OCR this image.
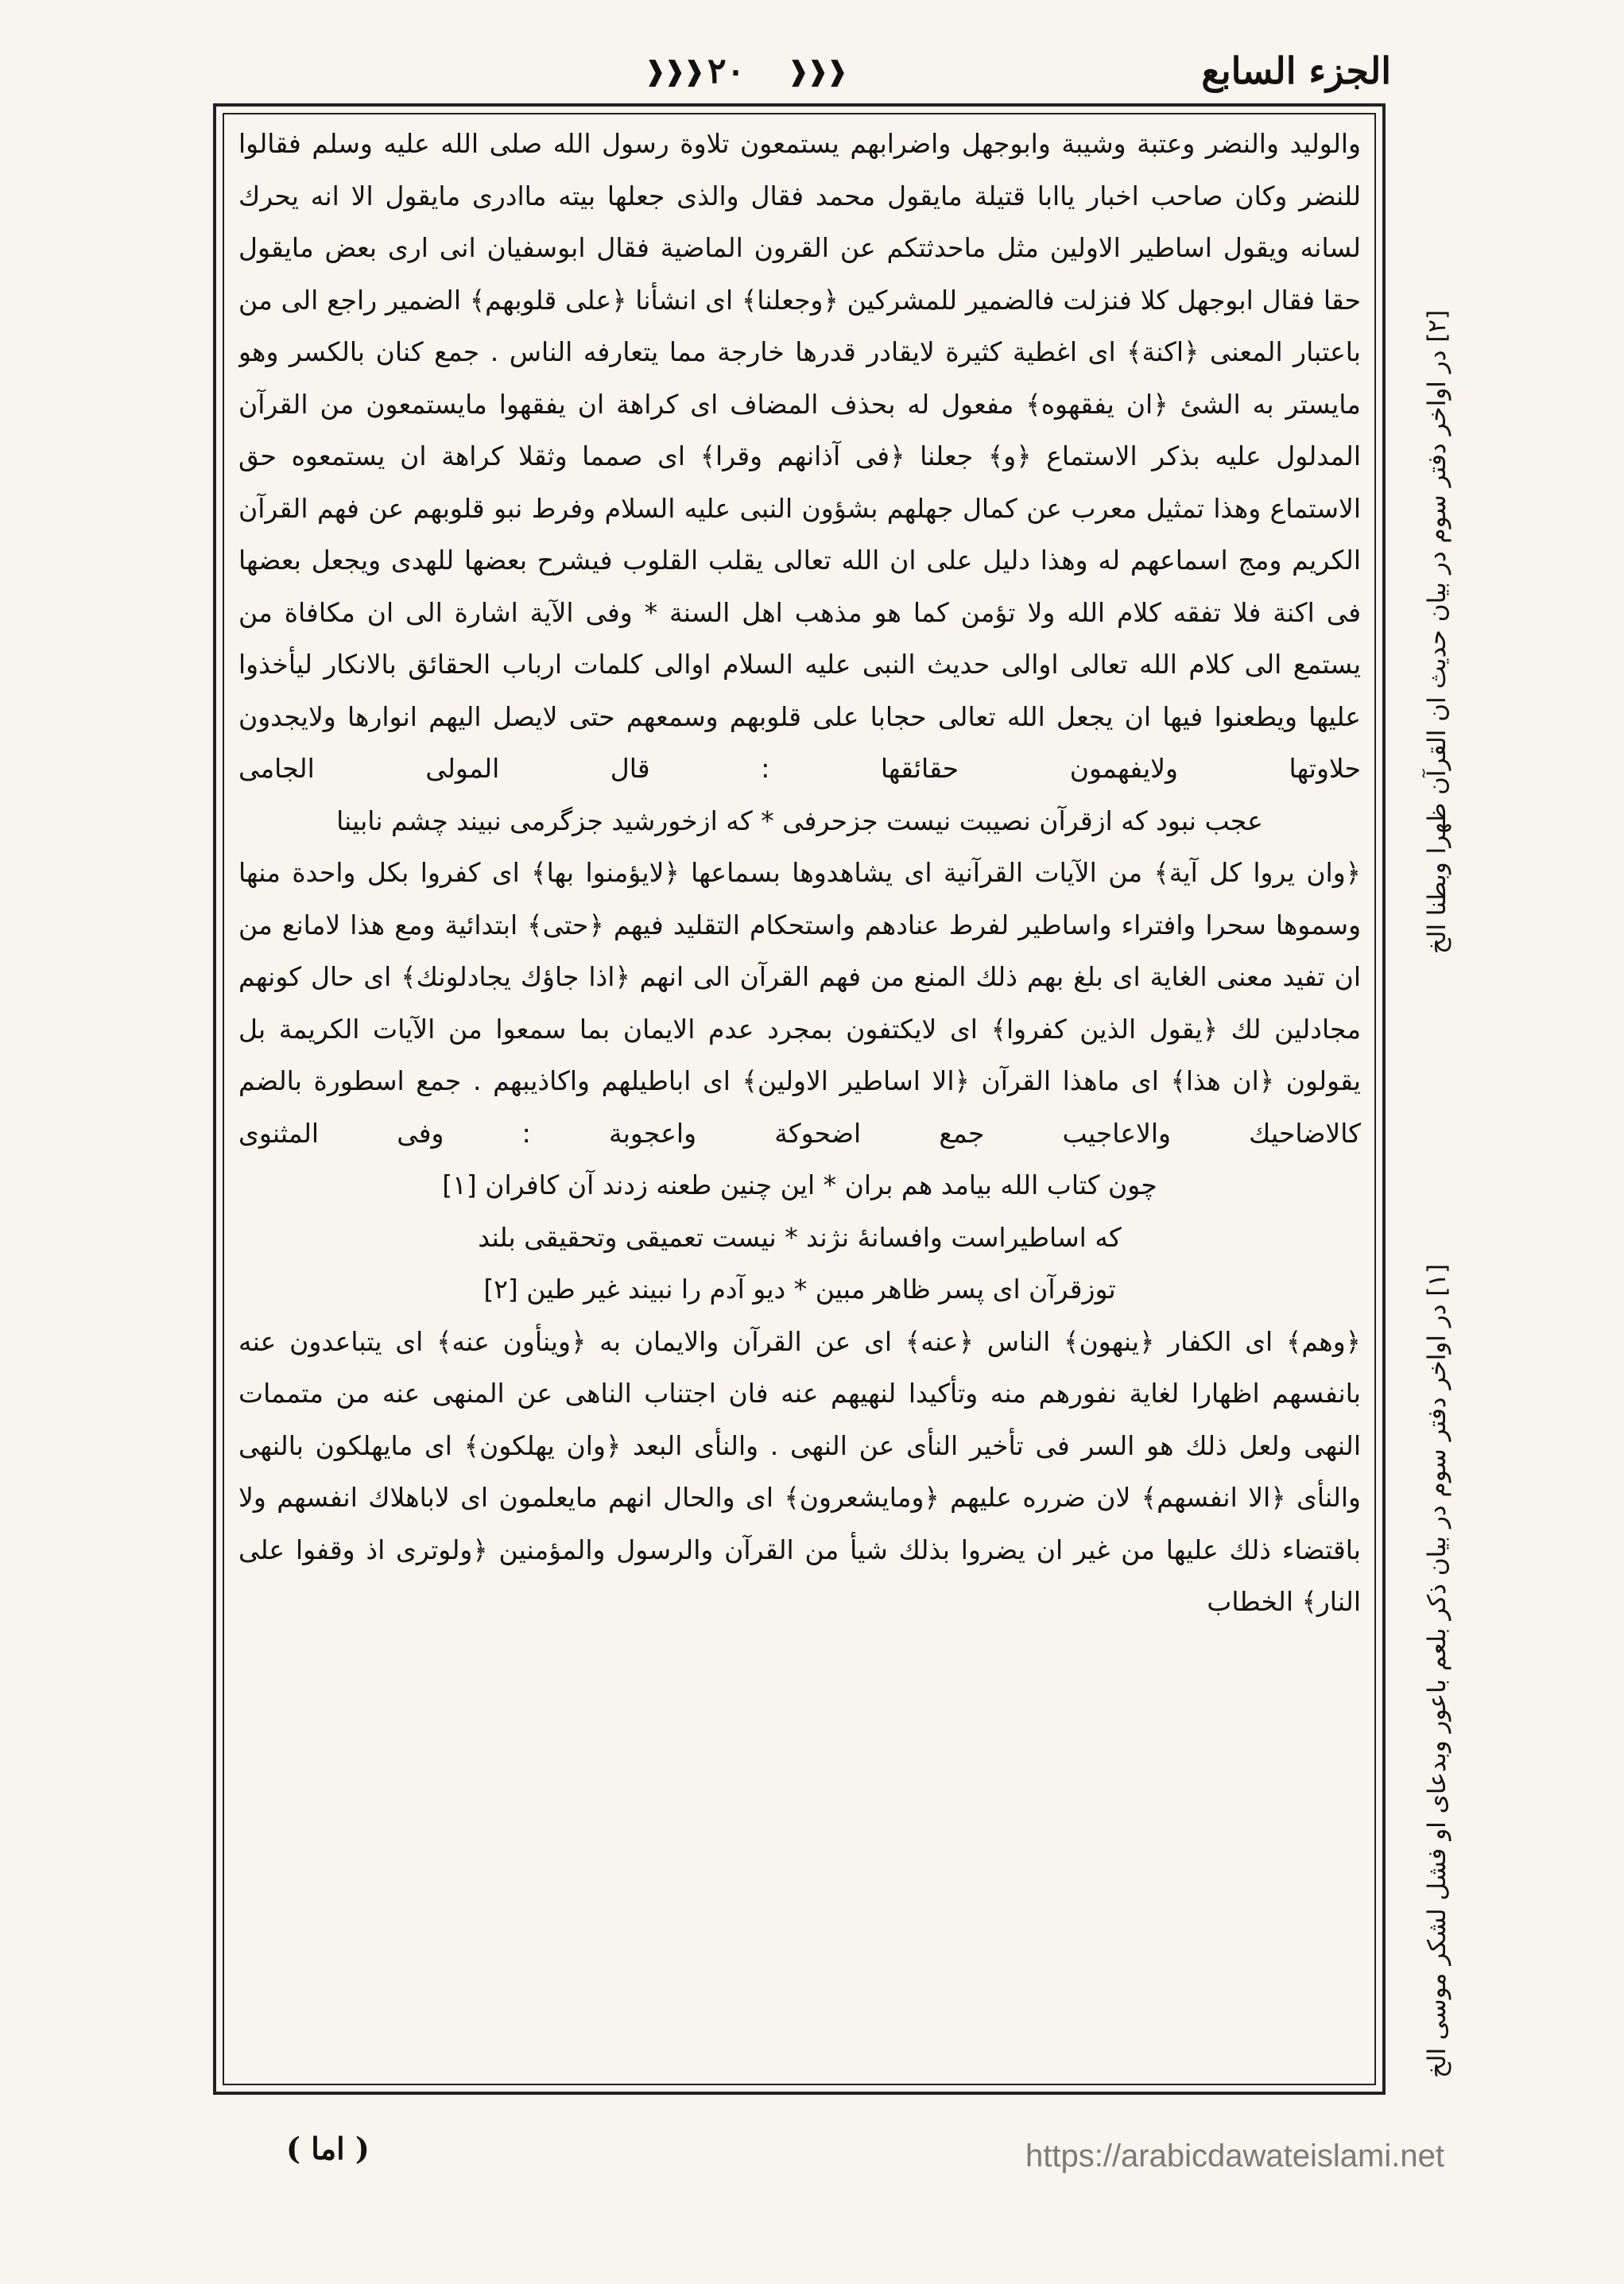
الجزء السابع
❰❰❰ ٢٠ ❰❰❰

والوليد والنضر وعتبة وشيبة وابوجهل واضرابهم يستمعون تلاوة رسول الله صلى الله عليه وسلم فقالوا للنضر وكان صاحب اخبار ياابا قتيلة مايقول محمد فقال والذى جعلها بيته ماادرى مايقول الا انه يحرك لسانه ويقول اساطير الاولين مثل ماحدثتكم عن القرون الماضية فقال ابوسفيان انى ارى بعض مايقول حقا فقال ابوجهل كلا فنزلت فالضمير للمشركين ﴿وجعلنا﴾ اى انشأنا ﴿على قلوبهم﴾ الضمير راجع الى من باعتبار المعنى ﴿اكنة﴾ اى اغطية كثيرة لايقادر قدرها خارجة مما يتعارفه الناس . جمع كنان بالكسر وهو مايستر به الشئ ﴿ان يفقهوه﴾ مفعول له بحذف المضاف اى كراهة ان يفقهوا مايستمعون من القرآن المدلول عليه بذكر الاستماع ﴿و﴾ جعلنا ﴿فى آذانهم وقرا﴾ اى صمما وثقلا كراهة ان يستمعوه حق الاستماع وهذا تمثيل معرب عن كمال جهلهم بشؤون النبى عليه السلام وفرط نبو قلوبهم عن فهم القرآن الكريم ومج اسماعهم له وهذا دليل على ان الله تعالى يقلب القلوب فيشرح بعضها للهدى ويجعل بعضها فى اكنة فلا تفقه كلام الله ولا تؤمن كما هو مذهب اهل السنة * وفى الآية اشارة الى ان مكافاة من يستمع الى كلام الله تعالى اوالى حديث النبى عليه السلام اوالى كلمات ارباب الحقائق بالانكار ليأخذوا عليها ويطعنوا فيها ان يجعل الله تعالى حجابا على قلوبهم وسمعهم حتى لايصل اليهم انوارها ولايجدون حلاوتها ولايفهمون حقائقها : قال المولى الجامى

عجب نبود كه ازقرآن نصيبت نيست جزحرفى * كه ازخورشيد جزگرمى نبيند چشم نابينا

﴿وان يروا كل آية﴾ من الآيات القرآنية اى يشاهدوها بسماعها ﴿لايؤمنوا بها﴾ اى كفروا بكل واحدة منها وسموها سحرا وافتراء واساطير لفرط عنادهم واستحكام التقليد فيهم ﴿حتى﴾ ابتدائية ومع هذا لامانع من ان تفيد معنى الغاية اى بلغ بهم ذلك المنع من فهم القرآن الى انهم ﴿اذا جاؤك يجادلونك﴾ اى حال كونهم مجادلين لك ﴿يقول الذين كفروا﴾ اى لايكتفون بمجرد عدم الايمان بما سمعوا من الآيات الكريمة بل يقولون ﴿ان هذا﴾ اى ماهذا القرآن ﴿الا اساطير الاولين﴾ اى اباطيلهم واكاذيبهم . جمع اسطورة بالضم كالاضاحيك والاعاجيب جمع اضحوكة واعجوبة : وفى المثنوى

چون كتاب الله بيامد هم بران * اين چنين طعنه زدند آن كافران [١]

كه اساطيراست وافسانهٔ نژند * نيست تعميقى وتحقيقى بلند

توزقرآن اى پسر ظاهر مبين * ديو آدم را نبيند غير طين [٢]

﴿وهم﴾ اى الكفار ﴿ينهون﴾ الناس ﴿عنه﴾ اى عن القرآن والايمان به ﴿وينأون عنه﴾ اى يتباعدون عنه بانفسهم اظهارا لغاية نفورهم منه وتأكيدا لنهيهم عنه فان اجتناب الناهى عن المنهى عنه من متممات النهى ولعل ذلك هو السر فى تأخير النأى عن النهى . والنأى البعد ﴿وان يهلكون﴾ اى مايهلكون بالنهى والنأى ﴿الا انفسهم﴾ لان ضرره عليهم ﴿ومايشعرون﴾ اى والحال انهم مايعلمون اى لاباهلاك انفسهم ولا باقتضاء ذلك عليها من غير ان يضروا بذلك شيأ من القرآن والرسول والمؤمنين ﴿ولوترى اذ وقفوا على النار﴾ الخطاب

[٢] در اواخر دفتر سوم در بيان حديث ان القرآن ظهرا وبطنا الخ
[١] در اواخر دفتر سوم در بيان ذكر بلعم باعور وبدعاى او فشل لشكر موسى الخ
( اما )	https://arabicdawateislami.net
